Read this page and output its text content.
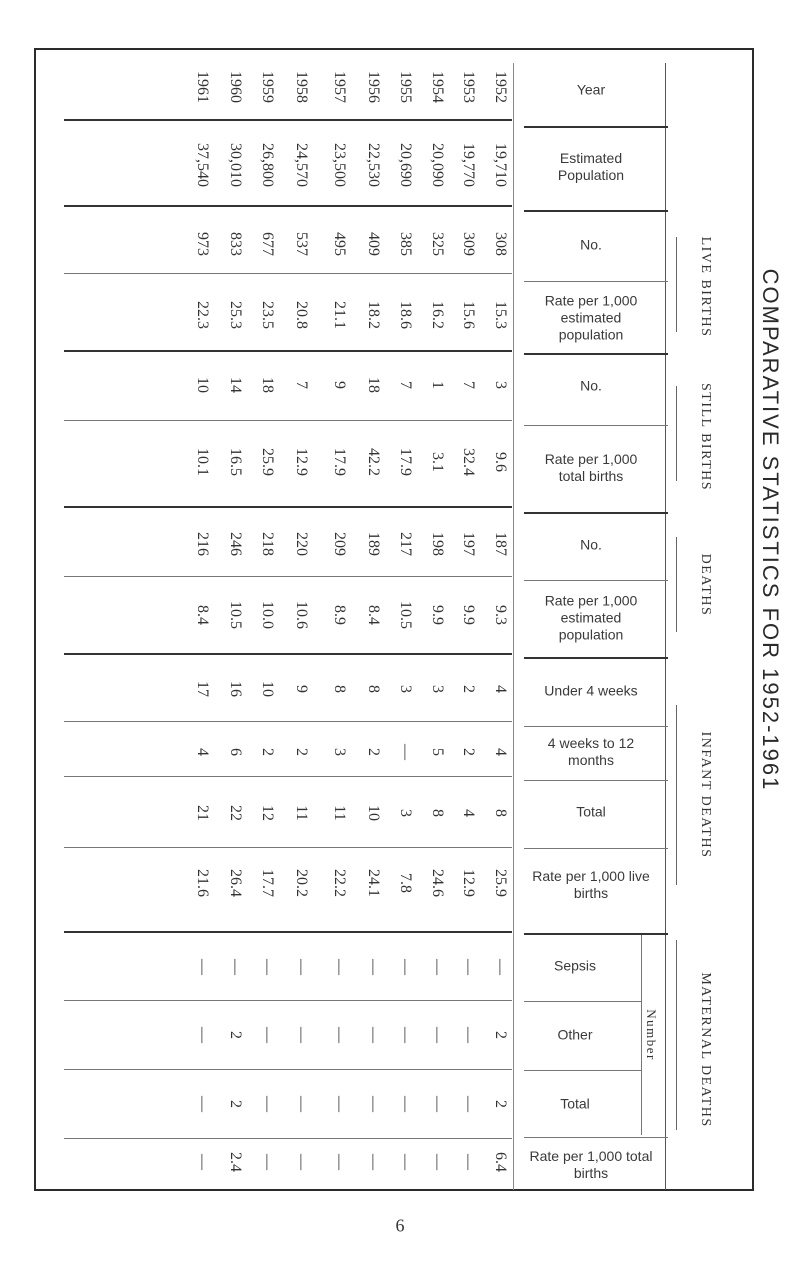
COMPARATIVE STATISTICS FOR 1952-1961
LIVE BIRTHS
STILL BIRTHS
DEATHS
INFANT DEATHS
MATERNAL DEATHS
Number
Year
Estimated Population
No.
Rate per 1,000 estimated population
No.
Rate per 1,000 total births
No.
Rate per 1,000 estimated population
Under 4 weeks
4 weeks to 12 months
Total
Rate per 1,000 live births
Sepsis
Other
Total
Rate per 1,000 total births
1952
1953
1954
1955
1956
1957
1958
1959
1960
1961
19,710
19,770
20,090
20,690
22,530
23,500
24,570
26,800
30,010
37,540
308
309
325
385
409
495
537
677
833
973
15.3
15.6
16.2
18.6
18.2
21.1
20.8
23.5
25.3
22.3
3
7
1
7
18
9
7
18
14
10
9.6
32.4
3.1
17.9
42.2
17.9
12.9
25.9
16.5
10.1
187
197
198
217
189
209
220
218
246
216
9.3
9.9
9.9
10.5
8.4
8.9
10.6
10.0
10.5
8.4
4
2
3
3
8
8
9
10
16
17
4
2
5
—
2
3
2
2
6
4
8
4
8
3
10
11
11
12
22
21
25.9
12.9
24.6
7.8
24.1
22.2
20.2
17.7
26.4
21.6
—
—
—
—
—
—
—
—
—
—
2
—
—
—
—
—
—
—
2
—
2
—
—
—
—
—
—
—
2
—
6.4
—
—
—
—
—
—
—
2.4
—
6
